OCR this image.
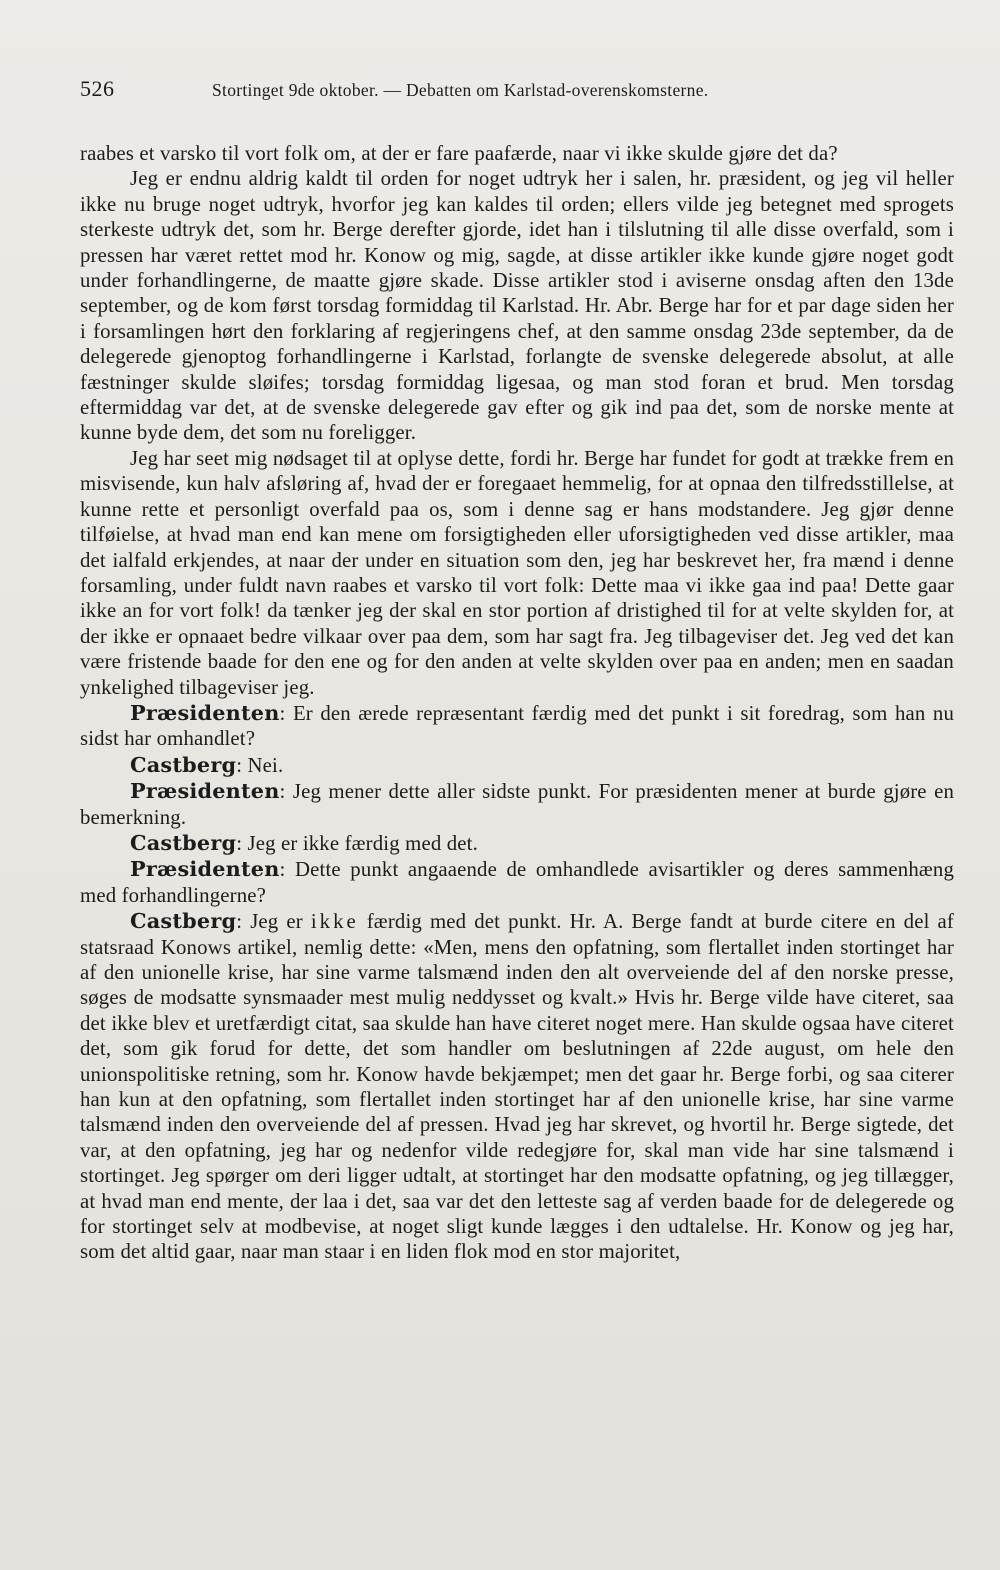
526	Stortinget 9de oktober. — Debatten om Karlstad-overenskomsterne.

raabes et varsko til vort folk om, at der er fare paafærde, naar vi ikke skulde gjøre det da?

Jeg er endnu aldrig kaldt til orden for noget udtryk her i salen, hr. præsident, og jeg vil heller ikke nu bruge noget udtryk, hvorfor jeg kan kaldes til orden; ellers vilde jeg betegnet med sprogets sterkeste udtryk det, som hr. Berge derefter gjorde, idet han i tilslutning til alle disse overfald, som i pressen har været rettet mod hr. Konow og mig, sagde, at disse artikler ikke kunde gjøre noget godt under forhandlingerne, de maatte gjøre skade. Disse artikler stod i aviserne onsdag aften den 13de september, og de kom først torsdag formiddag til Karlstad. Hr. Abr. Berge har for et par dage siden her i forsamlingen hørt den forklaring af regjeringens chef, at den samme onsdag 23de september, da de delegerede gjenoptog forhandlingerne i Karlstad, forlangte de svenske delegerede absolut, at alle fæstninger skulde sløifes; torsdag formiddag ligesaa, og man stod foran et brud. Men torsdag eftermiddag var det, at de svenske delegerede gav efter og gik ind paa det, som de norske mente at kunne byde dem, det som nu foreligger.

Jeg har seet mig nødsaget til at oplyse dette, fordi hr. Berge har fundet for godt at trække frem en misvisende, kun halv afsløring af, hvad der er foregaaet hemmelig, for at opnaa den tilfredsstillelse, at kunne rette et personligt overfald paa os, som i denne sag er hans modstandere. Jeg gjør denne tilføielse, at hvad man end kan mene om forsigtigheden eller uforsigtigheden ved disse artikler, maa det ialfald erkjendes, at naar der under en situation som den, jeg har beskrevet her, fra mænd i denne forsamling, under fuldt navn raabes et varsko til vort folk: Dette maa vi ikke gaa ind paa! Dette gaar ikke an for vort folk! da tænker jeg der skal en stor portion af dristighed til for at velte skylden for, at der ikke er opnaaet bedre vilkaar over paa dem, som har sagt fra. Jeg tilbageviser det. Jeg ved det kan være fristende baade for den ene og for den anden at velte skylden over paa en anden; men en saadan ynkelighed tilbageviser jeg.

Præsidenten: Er den ærede repræsentant færdig med det punkt i sit foredrag, som han nu sidst har omhandlet?

Castberg: Nei.

Præsidenten: Jeg mener dette aller sidste punkt. For præsidenten mener at burde gjøre en bemerkning.

Castberg: Jeg er ikke færdig med det.

Præsidenten: Dette punkt angaaende de omhandlede avisartikler og deres sammenhæng med forhandlingerne?

Castberg: Jeg er ikke færdig med det punkt. Hr. A. Berge fandt at burde citere en del af statsraad Konows artikel, nemlig dette: «Men, mens den opfatning, som flertallet inden stortinget har af den unionelle krise, har sine varme talsmænd inden den alt overveiende del af den norske presse, søges de modsatte synsmaader mest mulig neddysset og kvalt.» Hvis hr. Berge vilde have citeret, saa det ikke blev et uretfærdigt citat, saa skulde han have citeret noget mere. Han skulde ogsaa have citeret det, som gik forud for dette, det som handler om beslutningen af 22de august, om hele den unionspolitiske retning, som hr. Konow havde bekjæmpet; men det gaar hr. Berge forbi, og saa citerer han kun at den opfatning, som flertallet inden stortinget har af den unionelle krise, har sine varme talsmænd inden den overveiende del af pressen. Hvad jeg har skrevet, og hvortil hr. Berge sigtede, det var, at den opfatning, jeg har og nedenfor vilde redegjøre for, skal man vide har sine talsmænd i stortinget. Jeg spørger om deri ligger udtalt, at stortinget har den modsatte opfatning, og jeg tillægger, at hvad man end mente, der laa i det, saa var det den letteste sag af verden baade for de delegerede og for stortinget selv at modbevise, at noget sligt kunde lægges i den udtalelse. Hr. Konow og jeg har, som det altid gaar, naar man staar i en liden flok mod en stor majoritet,
